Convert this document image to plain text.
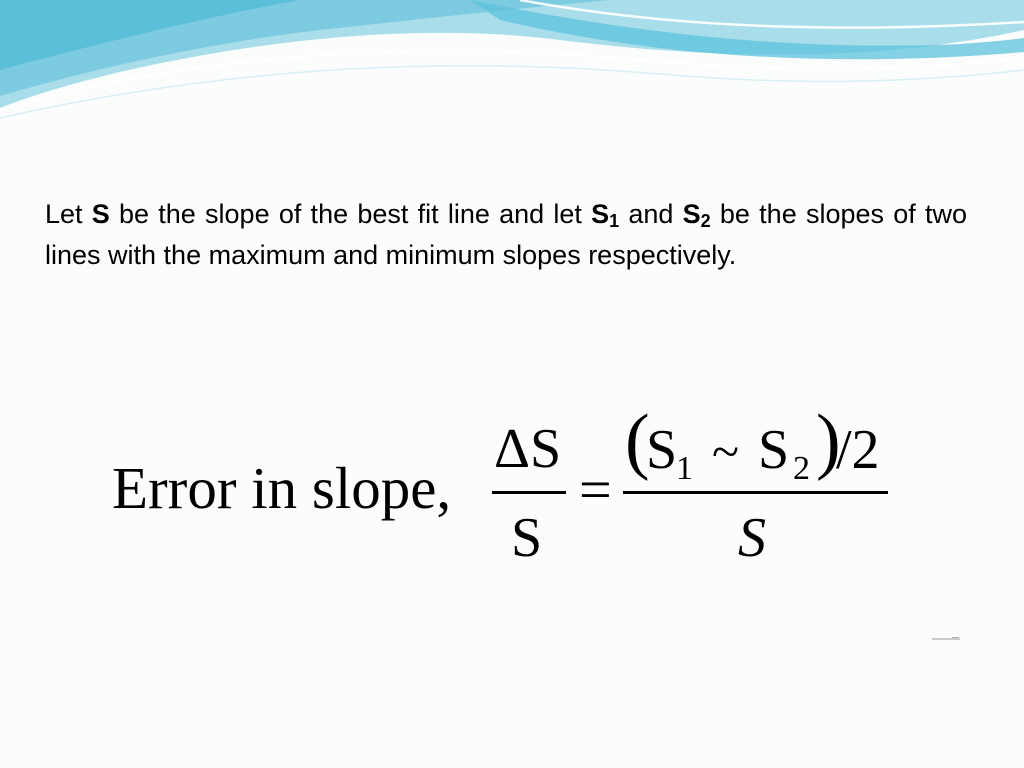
Let S be the slope of the best fit line and let $S_1$ and $S_2$ be the slopes of two lines with the maximum and minimum slopes respectively.

Error in slope,
ΔS
S
=
(
S
1 ~ S 2 )
/2
S
